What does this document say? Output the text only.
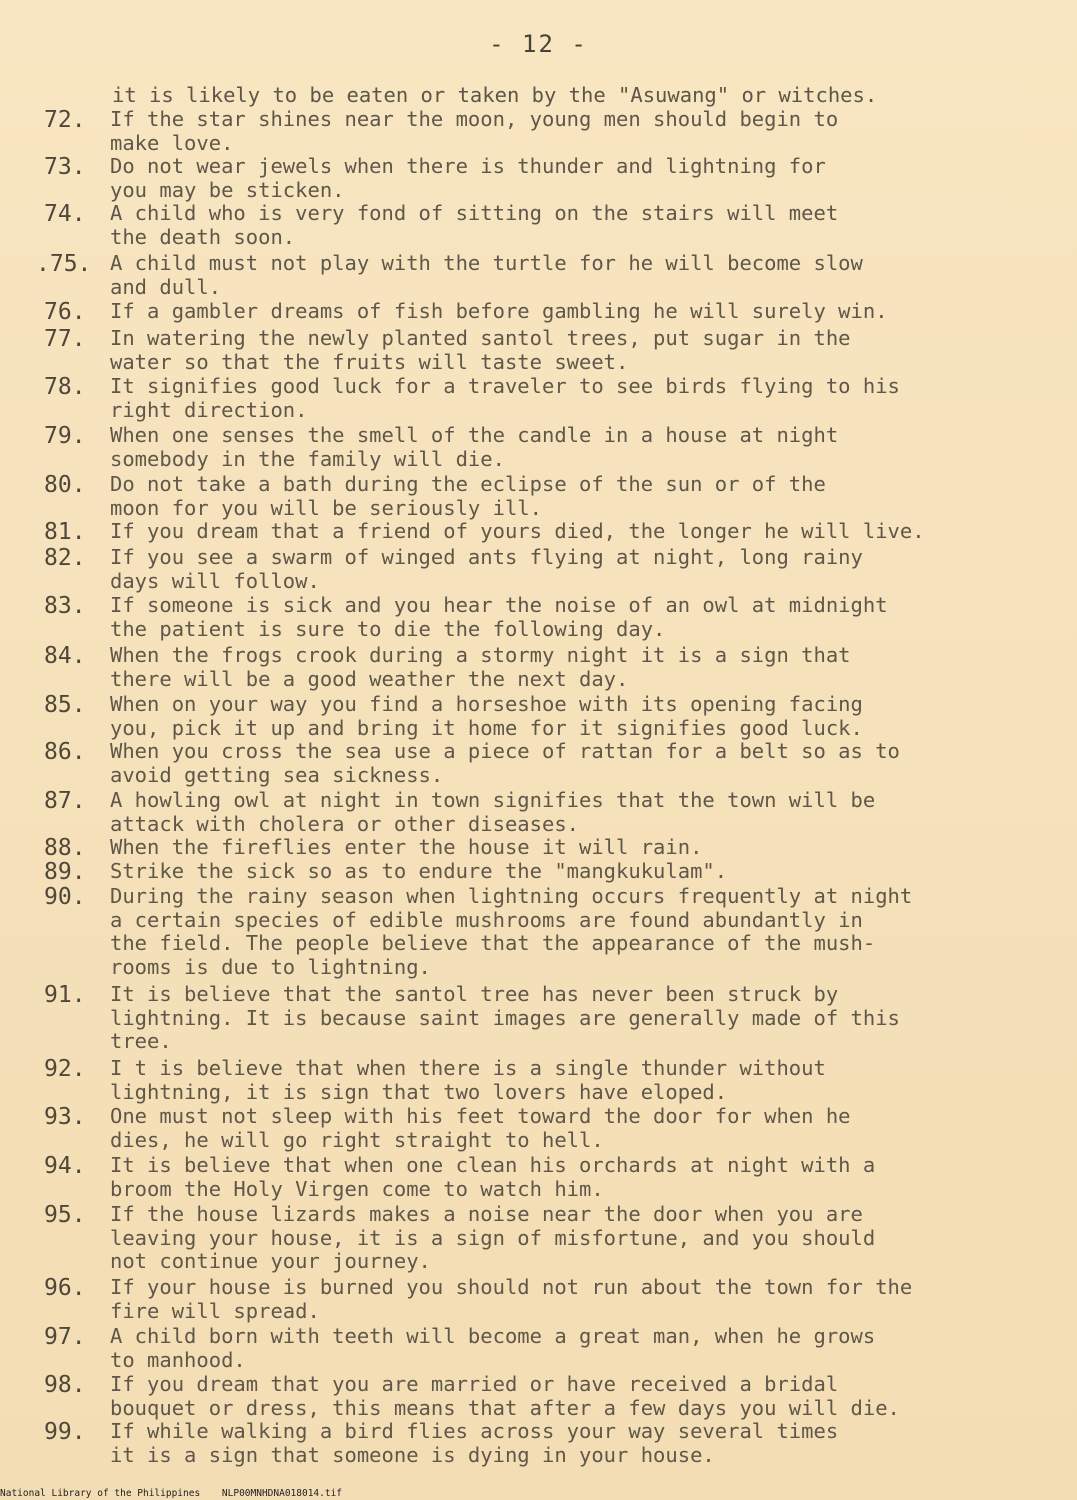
- 12 -
it is likely to be eaten or taken by the "Asuwang" or witches.
72.	If the star shines near the moon, young men should begin to
make love.
73.	Do not wear jewels when there is thunder and lightning for
you may be sticken.
74.	A child who is very fond of sitting on the stairs will meet
the death soon.
.75. A child must not play with the turtle for he will become slow
and dull.
76.	If a gambler dreams of fish before gambling he will surely win.
77.	In watering the newly planted santol trees, put sugar in the
water so that the fruits will taste sweet.
78.	It signifies good luck for a traveler to see birds flying to his
right direction.
79.	When one senses the smell of the candle in a house at night
somebody in the family will die.
80.	Do not take a bath during the eclipse of the sun or of the
moon for you will be seriously ill.
81.	If you dream that a friend of yours died, the longer he will live.
82.	If you see a swarm of winged ants flying at night, long rainy
days will follow.
83.	If someone is sick and you hear the noise of an owl at midnight
the patient is sure to die the following day.
84.	When the frogs crook during a stormy night it is a sign that
there will be a good weather the next day.
85.	When on your way you find a horseshoe with its opening facing
you, pick it up and bring it home for it signifies good luck.
86.	When you cross the sea use a piece of rattan for a belt so as to
avoid getting sea sickness.
87.	A howling owl at night in town signifies that the town will be
attack with cholera or other diseases.
88.	When the fireflies enter the house it will rain.
89.	Strike the sick so as to endure the "mangkukulam".
90.	During the rainy season when lightning occurs frequently at night
a certain species of edible mushrooms are found abundantly in
the field. The people believe that the appearance of the mush-
rooms is due to lightning.
91.	It is believe that the santol tree has never been struck by
lightning. It is because saint images are generally made of this
tree.
92.	I t is believe that when there is a single thunder without
lightning, it is sign that two lovers have eloped.
93.	One must not sleep with his feet toward the door for when he
dies, he will go right straight to hell.
94.	It is believe that when one clean his orchards at night with a
broom the Holy Virgen come to watch him.
95.	If the house lizards makes a noise near the door when you are
leaving your house, it is a sign of misfortune, and you should
not continue your journey.
96.	If your house is burned you should not run about the town for the
fire will spread.
97.	A child born with teeth will become a great man, when he grows
to manhood.
98.	If you dream that you are married or have received a bridal
bouquet or dress, this means that after a few days you will die.
99.	If while walking a bird flies across your way several times
it is a sign that someone is dying in your house.
National Library of the Philippines NLP00MNHDNA018014.tif
